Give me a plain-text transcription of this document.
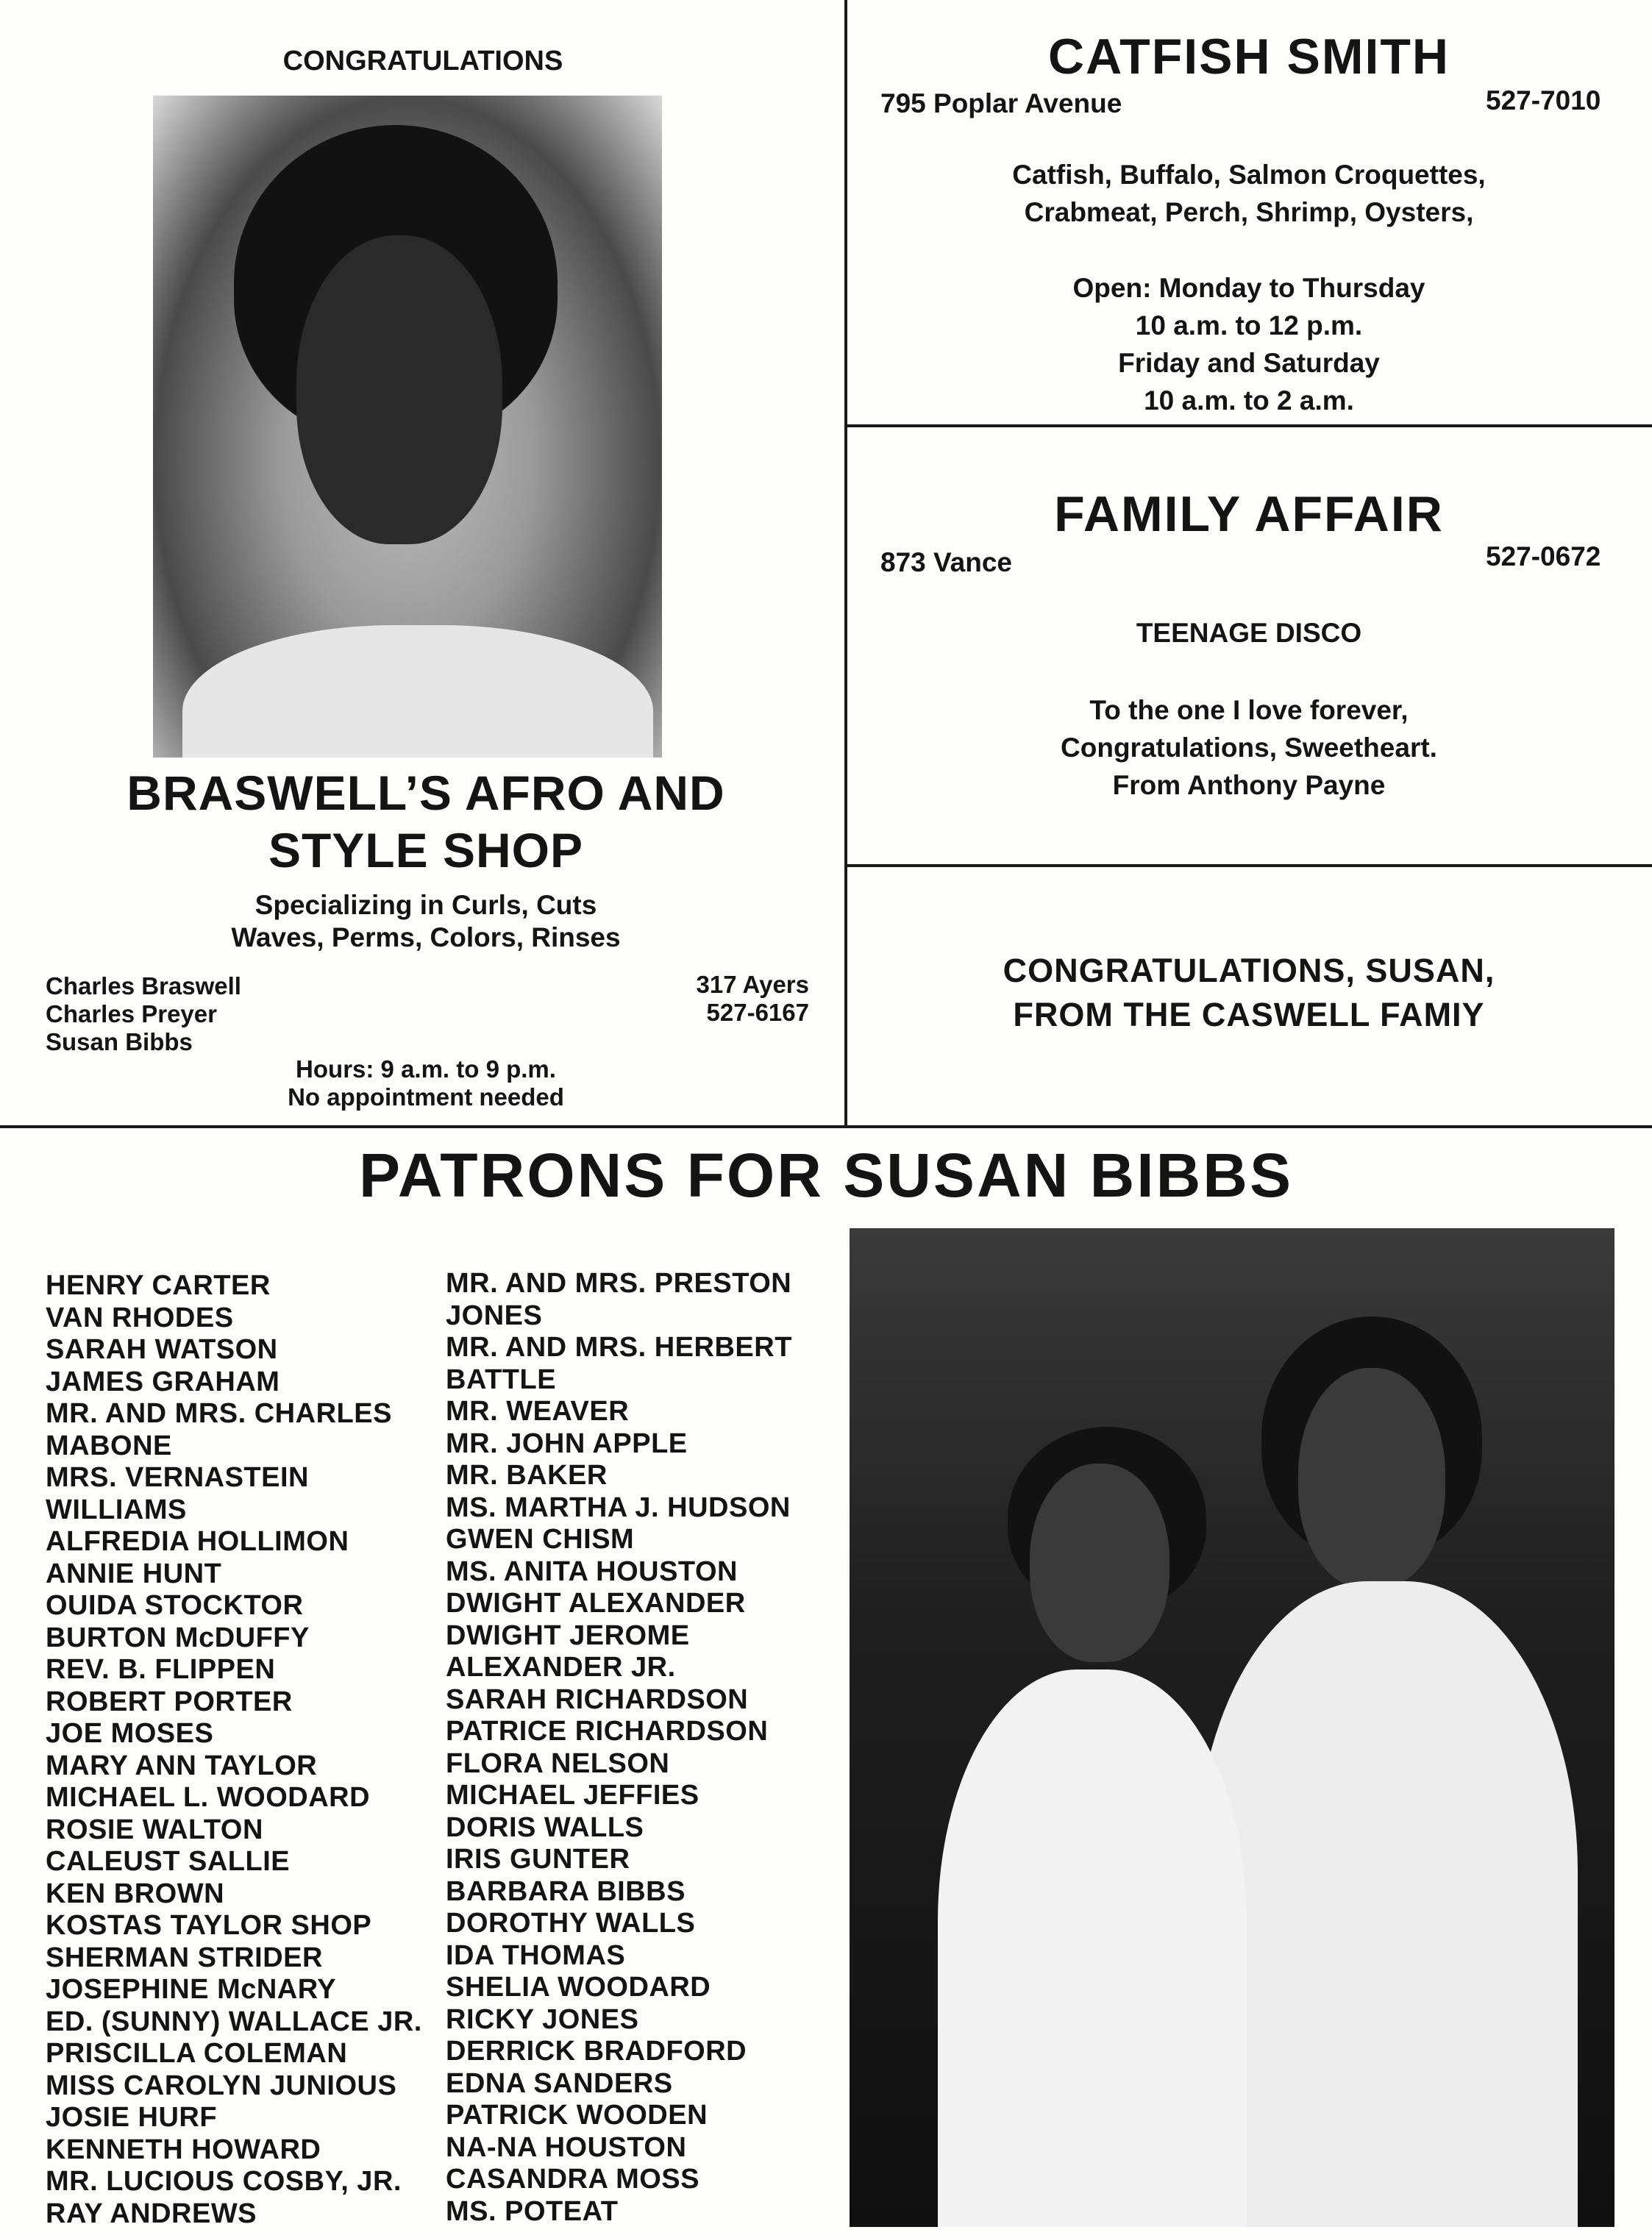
CONGRATULATIONS
BRASWELL’S AFRO AND
STYLE SHOP
Specializing in Curls, Cuts
Waves, Perms, Colors, Rinses
Charles Braswell
Charles Preyer
Susan Bibbs
317 Ayers
527-6167
Hours: 9 a.m. to 9 p.m.
No appointment needed
CATFISH SMITH
795 Poplar Avenue	527-7010
Catfish, Buffalo, Salmon Croquettes,
Crabmeat, Perch, Shrimp, Oysters,
Open: Monday to Thursday
10 a.m. to 12 p.m.
Friday and Saturday
10 a.m. to 2 a.m.
FAMILY AFFAIR
873 Vance	527-0672
TEENAGE DISCO
To the one I love forever,
Congratulations, Sweetheart.
From Anthony Payne
CONGRATULATIONS, SUSAN,
FROM THE CASWELL FAMIY
PATRONS FOR SUSAN BIBBS
HENRY CARTER
VAN RHODES
SARAH WATSON
JAMES GRAHAM
MR. AND MRS. CHARLES
MABONE
MRS. VERNASTEIN
WILLIAMS
ALFREDIA HOLLIMON
ANNIE HUNT
OUIDA STOCKTOR
BURTON McDUFFY
REV. B. FLIPPEN
ROBERT PORTER
JOE MOSES
MARY ANN TAYLOR
MICHAEL L. WOODARD
ROSIE WALTON
CALEUST SALLIE
KEN BROWN
KOSTAS TAYLOR SHOP
SHERMAN STRIDER
JOSEPHINE McNARY
ED. (SUNNY) WALLACE JR.
PRISCILLA COLEMAN
MISS CAROLYN JUNIOUS
JOSIE HURF
KENNETH HOWARD
MR. LUCIOUS COSBY, JR.
RAY ANDREWS
MR. AND MRS. PRESTON
JONES
MR. AND MRS. HERBERT
BATTLE
MR. WEAVER
MR. JOHN APPLE
MR. BAKER
MS. MARTHA J. HUDSON
GWEN CHISM
MS. ANITA HOUSTON
DWIGHT ALEXANDER
DWIGHT JEROME
ALEXANDER JR.
SARAH RICHARDSON
PATRICE RICHARDSON
FLORA NELSON
MICHAEL JEFFIES
DORIS WALLS
IRIS GUNTER
BARBARA BIBBS
DOROTHY WALLS
IDA THOMAS
SHELIA WOODARD
RICKY JONES
DERRICK BRADFORD
EDNA SANDERS
PATRICK WOODEN
NA-NA HOUSTON
CASANDRA MOSS
MS. POTEAT
